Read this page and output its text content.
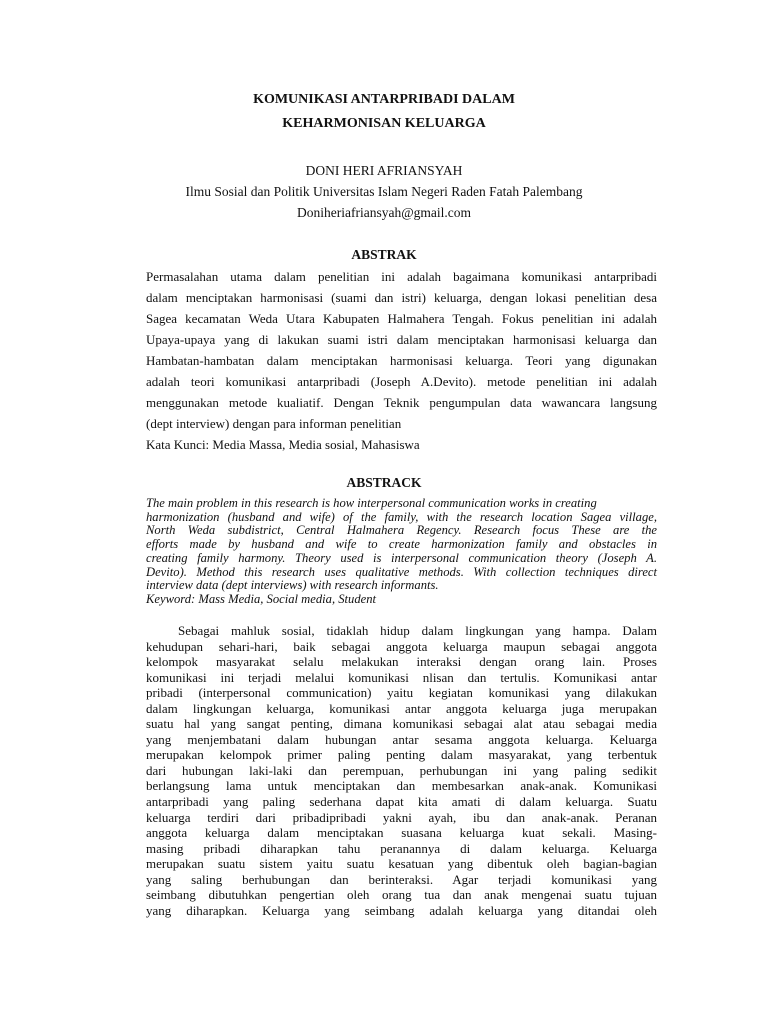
KOMUNIKASI ANTARPRIBADI DALAM
KEHARMONISAN KELUARGA
DONI HERI AFRIANSYAH
Ilmu Sosial dan Politik Universitas Islam Negeri Raden Fatah Palembang
Doniheriafriansyah@gmail.com
ABSTRAK
Permasalahan utama dalam penelitian ini adalah bagaimana komunikasi antarpribadi
dalam menciptakan harmonisasi (suami dan istri) keluarga, dengan lokasi penelitian desa
Sagea kecamatan Weda Utara Kabupaten Halmahera Tengah. Fokus penelitian ini adalah
Upaya-upaya yang di lakukan suami istri dalam menciptakan harmonisasi keluarga dan
Hambatan-hambatan dalam menciptakan harmonisasi keluarga. Teori yang digunakan
adalah teori komunikasi antarpribadi (Joseph A.Devito). metode penelitian ini adalah
menggunakan metode kualiatif. Dengan Teknik pengumpulan data wawancara langsung
(dept interview) dengan para informan penelitian
Kata Kunci: Media Massa, Media sosial, Mahasiswa
ABSTRACK
The main problem in this research is how interpersonal communication works in creating
harmonization (husband and wife) of the family, with the research location Sagea village,
North Weda subdistrict, Central Halmahera Regency. Research focus These are the
efforts made by husband and wife to create harmonization family and obstacles in
creating family harmony. Theory used is interpersonal communication theory (Joseph A.
Devito). Method this research uses qualitative methods. With collection techniques direct
interview data (dept interviews) with research informants.
Keyword: Mass Media, Social media, Student
Sebagai mahluk sosial, tidaklah hidup dalam lingkungan yang hampa. Dalam
kehudupan sehari-hari, baik sebagai anggota keluarga maupun sebagai anggota
kelompok masyarakat selalu melakukan interaksi dengan orang lain. Proses
komunikasi ini terjadi melalui komunikasi nlisan dan tertulis. Komunikasi antar
pribadi (interpersonal communication) yaitu kegiatan komunikasi yang dilakukan
dalam lingkungan keluarga, komunikasi antar anggota keluarga juga merupakan
suatu hal yang sangat penting, dimana komunikasi sebagai alat atau sebagai media
yang menjembatani dalam hubungan antar sesama anggota keluarga. Keluarga
merupakan kelompok primer paling penting dalam masyarakat, yang terbentuk
dari hubungan laki-laki dan perempuan, perhubungan ini yang paling sedikit
berlangsung lama untuk menciptakan dan membesarkan anak-anak. Komunikasi
antarpribadi yang paling sederhana dapat kita amati di dalam keluarga. Suatu
keluarga terdiri dari pribadipribadi yakni ayah, ibu dan anak-anak. Peranan
anggota keluarga dalam menciptakan suasana keluarga kuat sekali. Masing-
masing pribadi diharapkan tahu peranannya di dalam keluarga. Keluarga
merupakan suatu sistem yaitu suatu kesatuan yang dibentuk oleh bagian-bagian
yang saling berhubungan dan berinteraksi. Agar terjadi komunikasi yang
seimbang dibutuhkan pengertian oleh orang tua dan anak mengenai suatu tujuan
yang diharapkan. Keluarga yang seimbang adalah keluarga yang ditandai oleh
